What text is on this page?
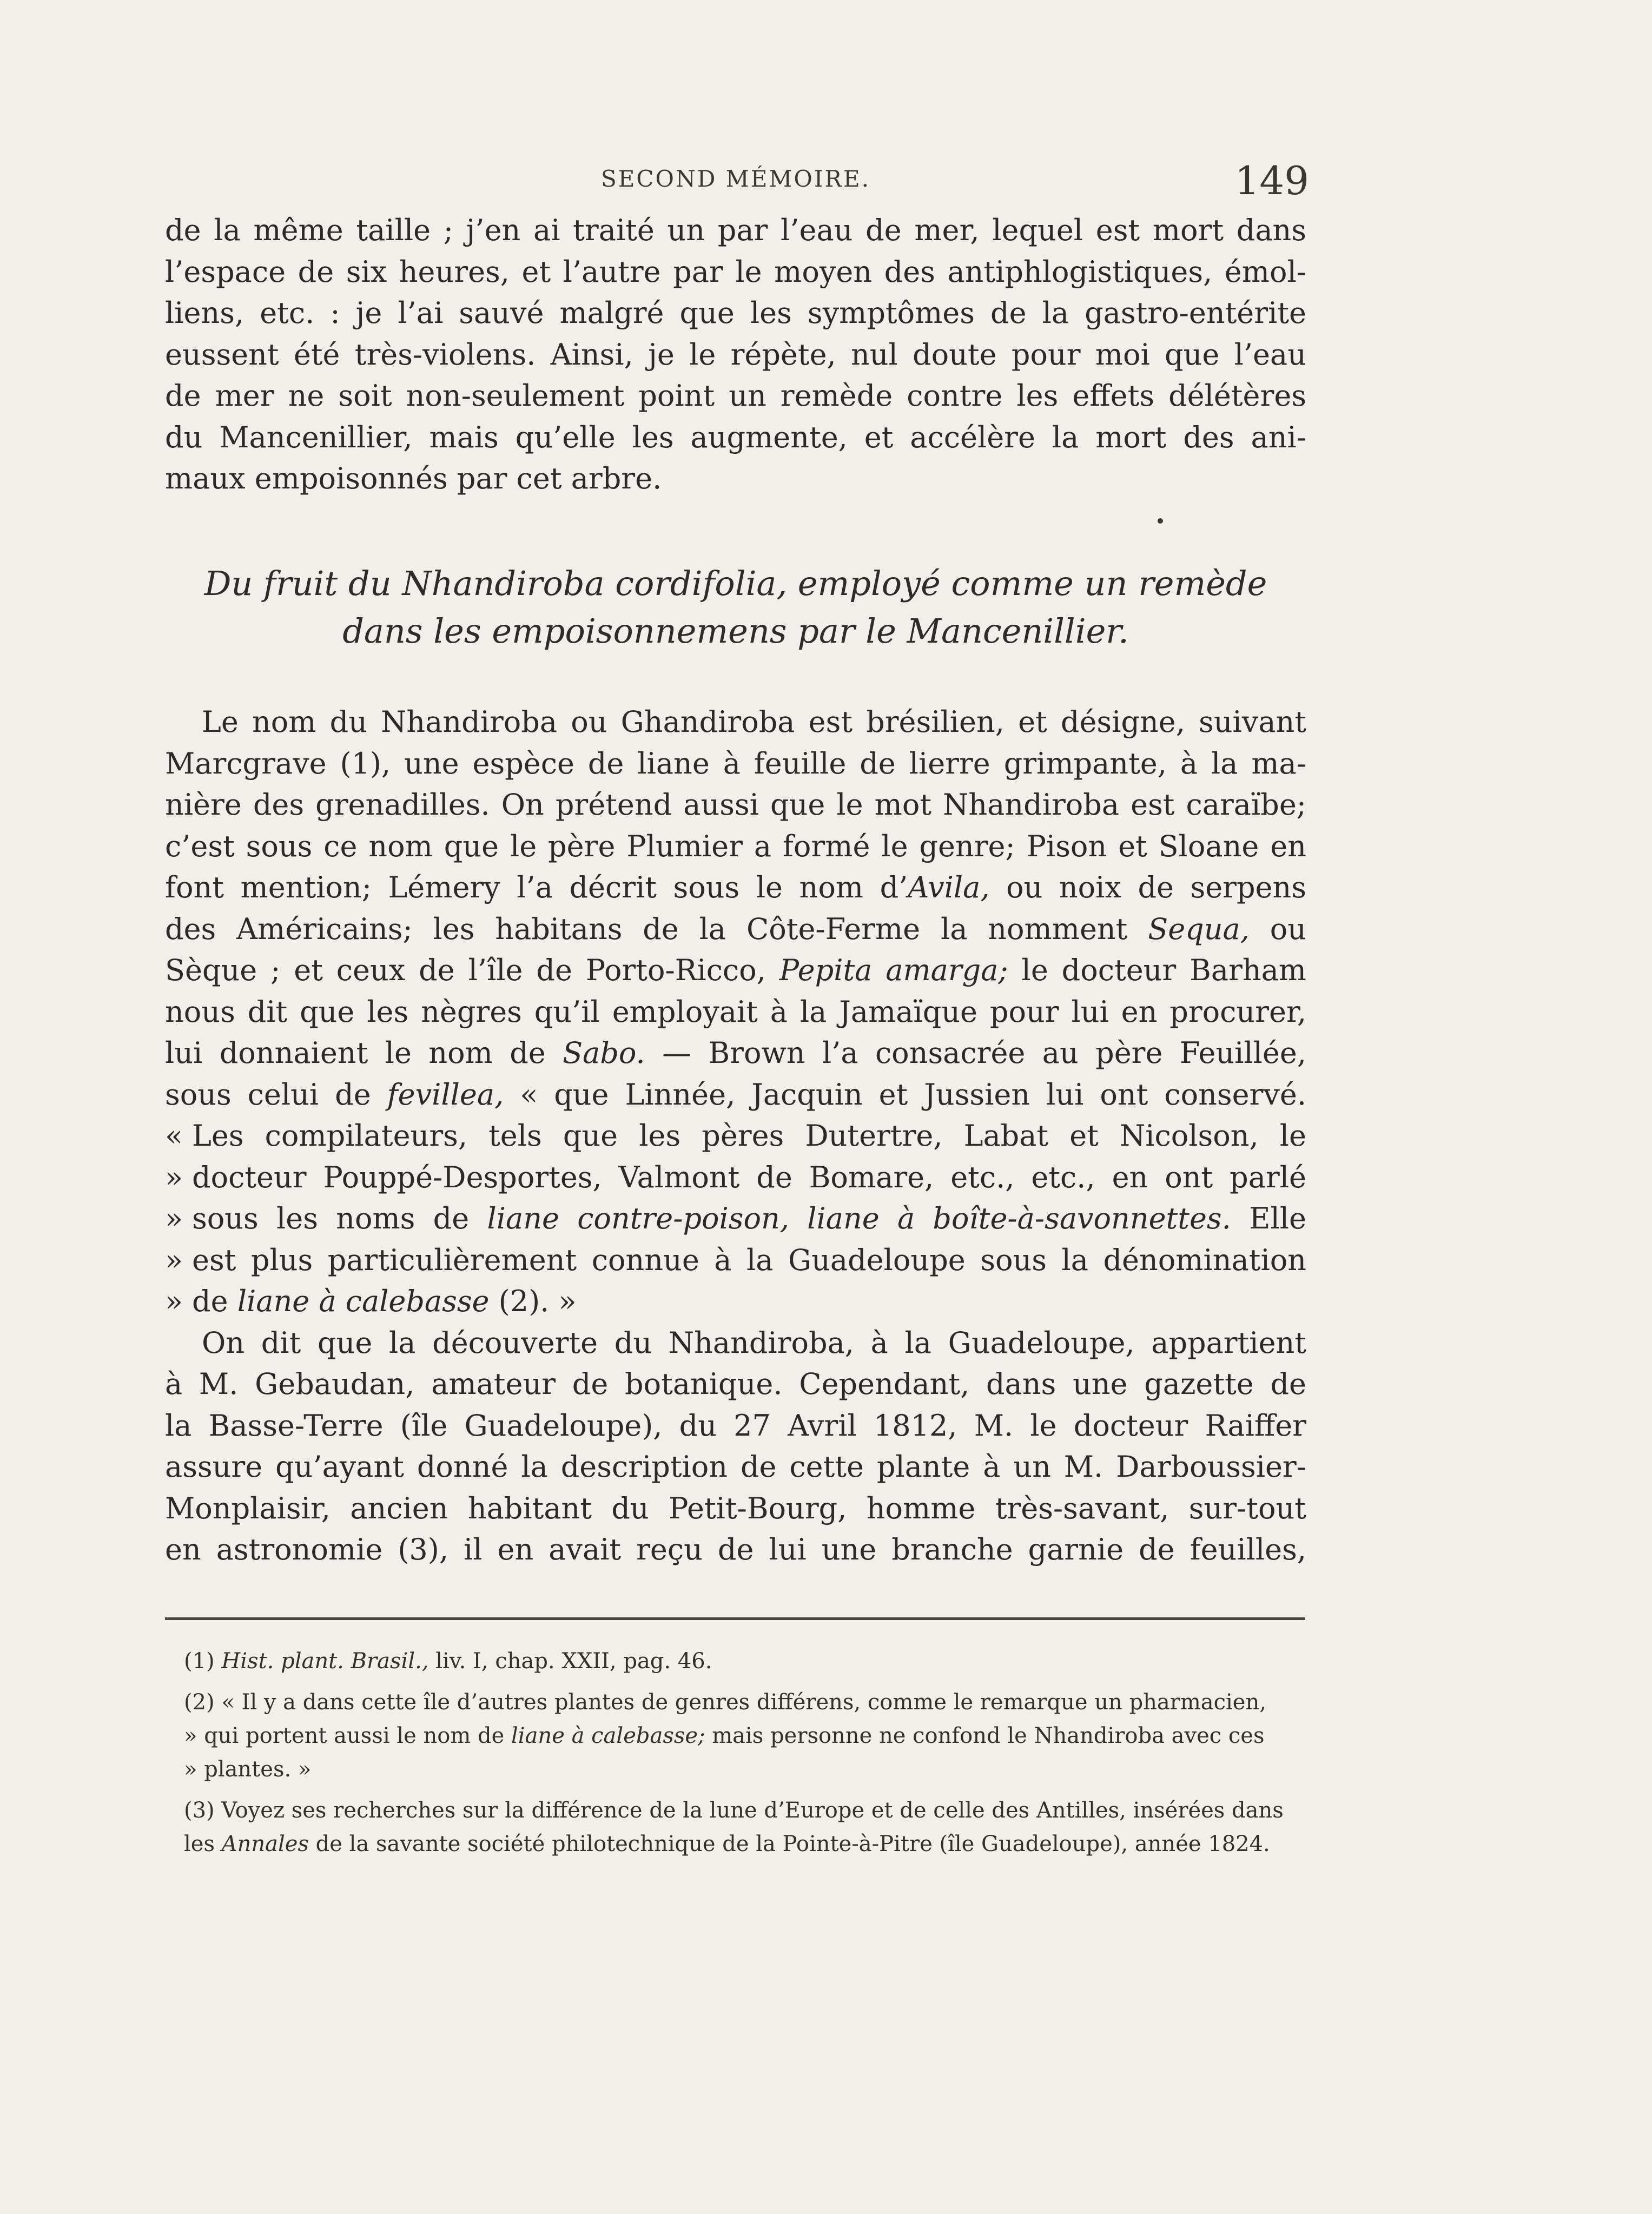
SECOND MÉMOIRE.	149
de la même taille ; j’en ai traité un par l’eau de mer, lequel est mort dans
l’espace de six heures, et l’autre par le moyen des antiphlogistiques, émol-
liens, etc. : je l’ai sauvé malgré que les symptômes de la gastro-entérite
eussent été très-violens. Ainsi, je le répète, nul doute pour moi que l’eau
de mer ne soit non-seulement point un remède contre les effets délétères
du Mancenillier, mais qu’elle les augmente, et accélère la mort des ani-
maux empoisonnés par cet arbre.
Du fruit du Nhandiroba cordifolia, employé comme un remède
dans les empoisonnemens par le Mancenillier.
Le nom du Nhandiroba ou Ghandiroba est brésilien, et désigne, suivant
Marcgrave (1), une espèce de liane à feuille de lierre grimpante, à la ma-
nière des grenadilles. On prétend aussi que le mot Nhandiroba est caraïbe;
c’est sous ce nom que le père Plumier a formé le genre; Pison et Sloane en
font mention; Lémery l’a décrit sous le nom d’Avila, ou noix de serpens
des Américains; les habitans de la Côte-Ferme la nomment Sequa, ou
Sèque ; et ceux de l’île de Porto-Ricco, Pepita amarga; le docteur Barham
nous dit que les nègres qu’il employait à la Jamaïque pour lui en procurer,
lui donnaient le nom de Sabo. — Brown l’a consacrée au père Feuillée,
sous celui de fevillea, « que Linnée, Jacquin et Jussien lui ont conservé.
« Les compilateurs, tels que les pères Dutertre, Labat et Nicolson, le
» docteur Pouppé-Desportes, Valmont de Bomare, etc., etc., en ont parlé
» sous les noms de liane contre-poison, liane à boîte-à-savonnettes. Elle
» est plus particulièrement connue à la Guadeloupe sous la dénomination
» de liane à calebasse (2). »
On dit que la découverte du Nhandiroba, à la Guadeloupe, appartient
à M. Gebaudan, amateur de botanique. Cependant, dans une gazette de
la Basse-Terre (île Guadeloupe), du 27 Avril 1812, M. le docteur Raiffer
assure qu’ayant donné la description de cette plante à un M. Darboussier-
Monplaisir, ancien habitant du Petit-Bourg, homme très-savant, sur-tout
en astronomie (3), il en avait reçu de lui une branche garnie de feuilles,
(1) Hist. plant. Brasil., liv. I, chap. XXII, pag. 46.
(2) « Il y a dans cette île d’autres plantes de genres différens, comme le remarque un pharmacien,
» qui portent aussi le nom de liane à calebasse; mais personne ne confond le Nhandiroba avec ces
» plantes. »
(3) Voyez ses recherches sur la différence de la lune d’Europe et de celle des Antilles, insérées dans
les Annales de la savante société philotechnique de la Pointe-à-Pitre (île Guadeloupe), année 1824.
